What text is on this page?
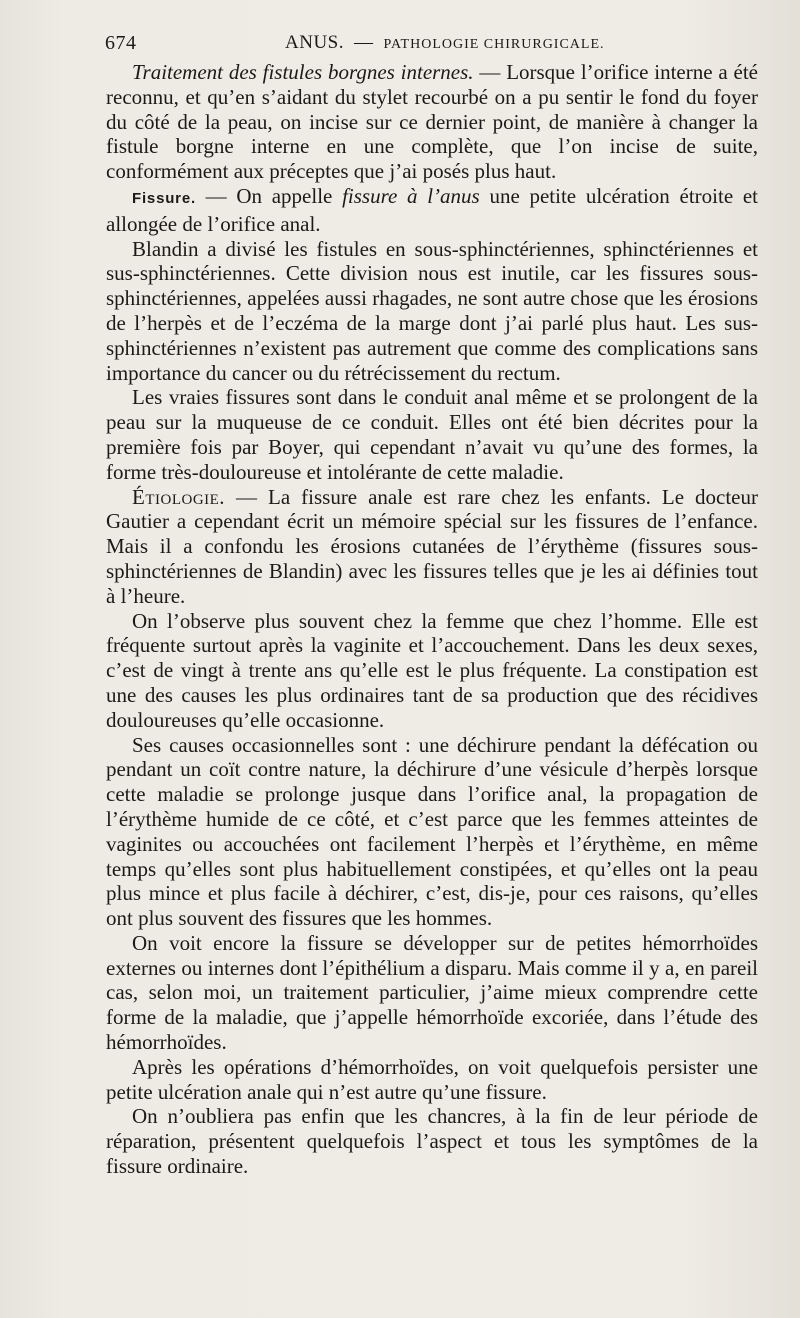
674	ANUS. — PATHOLOGIE CHIRURGICALE.

Traitement des fistules borgnes internes. — Lorsque l’orifice interne a été reconnu, et qu’en s’aidant du stylet recourbé on a pu sentir le fond du foyer du côté de la peau, on incise sur ce dernier point, de manière à changer la fistule borgne interne en une complète, que l’on incise de suite, conformément aux préceptes que j’ai posés plus haut.

Fissure. — On appelle fissure à l’anus une petite ulcération étroite et allongée de l’orifice anal.

Blandin a divisé les fistules en sous-sphinctériennes, sphinctériennes et sus-sphinctériennes. Cette division nous est inutile, car les fissures sous-sphinctériennes, appelées aussi rhagades, ne sont autre chose que les érosions de l’herpès et de l’eczéma de la marge dont j’ai parlé plus haut. Les sus-sphinctériennes n’existent pas autrement que comme des complications sans importance du cancer ou du rétrécissement du rectum.

Les vraies fissures sont dans le conduit anal même et se prolongent de la peau sur la muqueuse de ce conduit. Elles ont été bien décrites pour la première fois par Boyer, qui cependant n’avait vu qu’une des formes, la forme très-douloureuse et intolérante de cette maladie.

Étiologie. — La fissure anale est rare chez les enfants. Le docteur Gautier a cependant écrit un mémoire spécial sur les fissures de l’enfance. Mais il a confondu les érosions cutanées de l’érythème (fissures sous-sphinctériennes de Blandin) avec les fissures telles que je les ai définies tout à l’heure.

On l’observe plus souvent chez la femme que chez l’homme. Elle est fréquente surtout après la vaginite et l’accouchement. Dans les deux sexes, c’est de vingt à trente ans qu’elle est le plus fréquente. La constipation est une des causes les plus ordinaires tant de sa production que des récidives douloureuses qu’elle occasionne.

Ses causes occasionnelles sont : une déchirure pendant la défécation ou pendant un coït contre nature, la déchirure d’une vésicule d’herpès lorsque cette maladie se prolonge jusque dans l’orifice anal, la propagation de l’érythème humide de ce côté, et c’est parce que les femmes atteintes de vaginites ou accouchées ont facilement l’herpès et l’érythème, en même temps qu’elles sont plus habituellement constipées, et qu’elles ont la peau plus mince et plus facile à déchirer, c’est, dis-je, pour ces raisons, qu’elles ont plus souvent des fissures que les hommes.

On voit encore la fissure se développer sur de petites hémorrhoïdes externes ou internes dont l’épithélium a disparu. Mais comme il y a, en pareil cas, selon moi, un traitement particulier, j’aime mieux comprendre cette forme de la maladie, que j’appelle hémorrhoïde excoriée, dans l’étude des hémorrhoïdes.

Après les opérations d’hémorrhoïdes, on voit quelquefois persister une petite ulcération anale qui n’est autre qu’une fissure.

On n’oubliera pas enfin que les chancres, à la fin de leur période de réparation, présentent quelquefois l’aspect et tous les symptômes de la fissure ordinaire.
